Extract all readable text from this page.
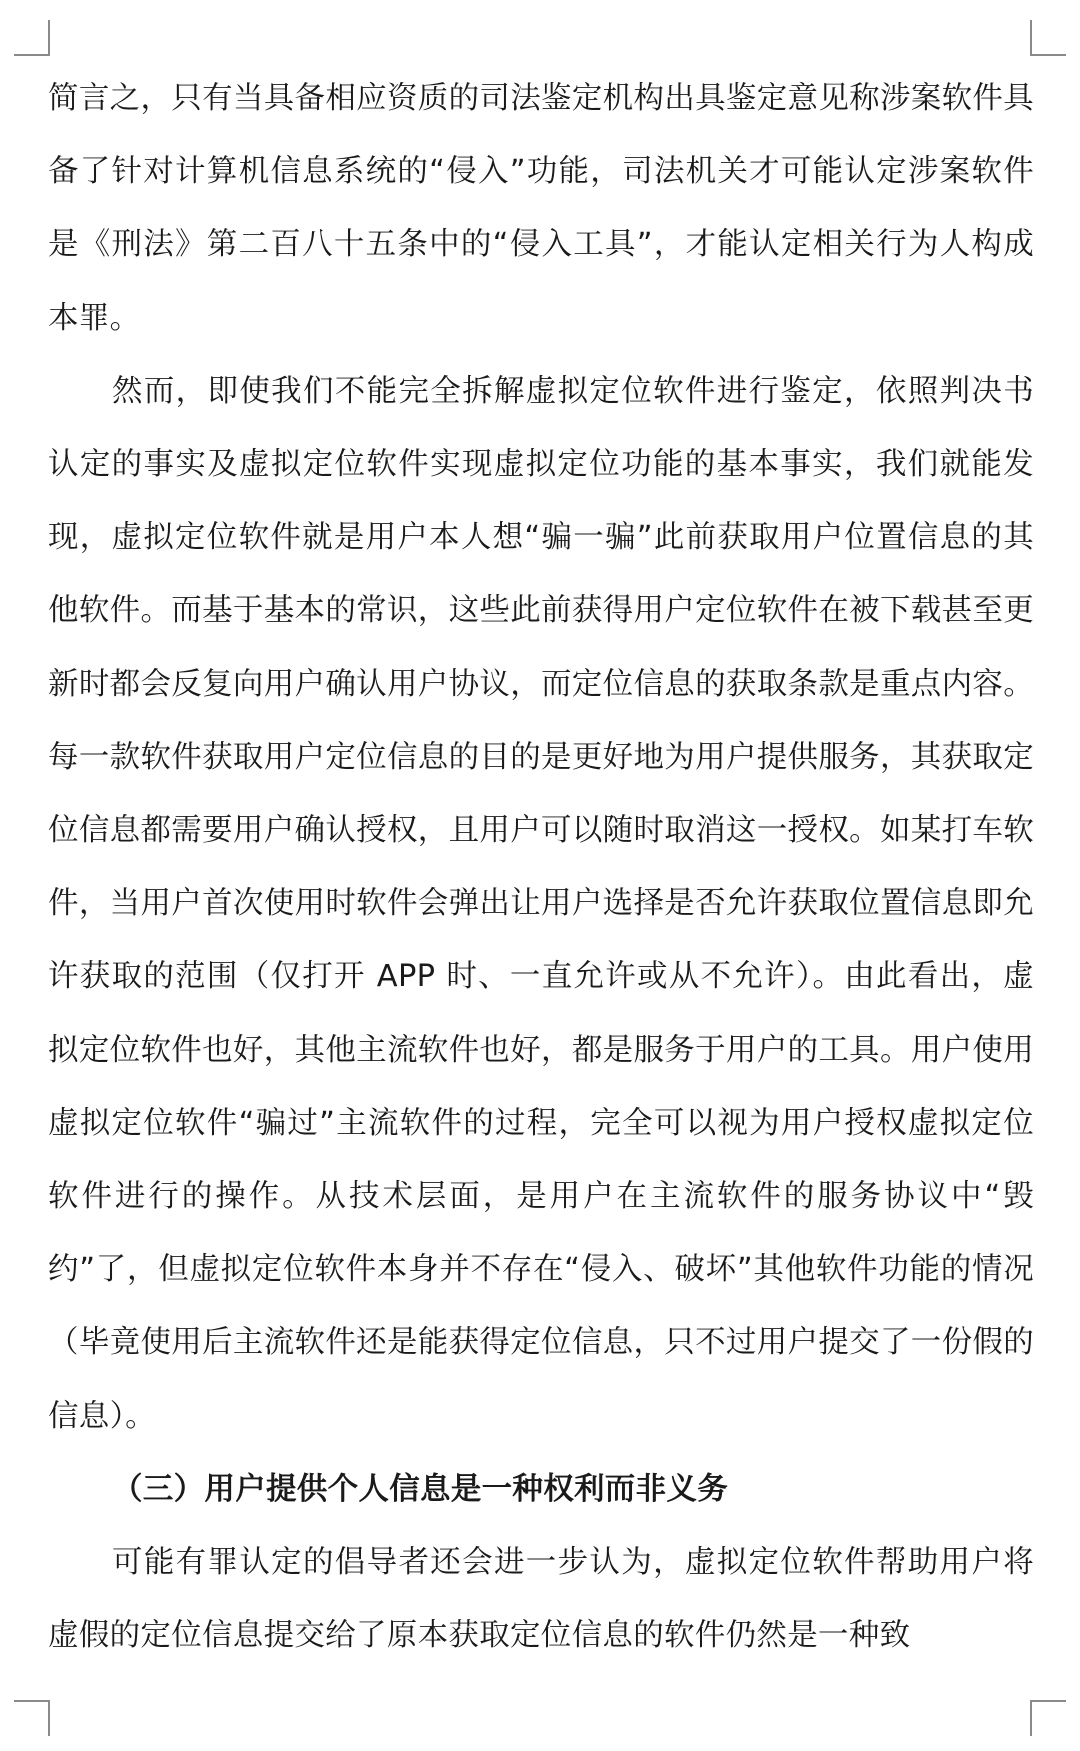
简言之，只有当具备相应资质的司法鉴定机构出具鉴定意见称涉案软件具备了针对计算机信息系统的“侵入”功能，司法机关才可能认定涉案软件是《刑法》第二百八十五条中的“侵入工具”，才能认定相关行为人构成本罪。

然而，即使我们不能完全拆解虚拟定位软件进行鉴定，依照判决书认定的事实及虚拟定位软件实现虚拟定位功能的基本事实，我们就能发现，虚拟定位软件就是用户本人想“骗一骗”此前获取用户位置信息的其他软件。而基于基本的常识，这些此前获得用户定位软件在被下载甚至更新时都会反复向用户确认用户协议，而定位信息的获取条款是重点内容。每一款软件获取用户定位信息的目的是更好地为用户提供服务，其获取定位信息都需要用户确认授权，且用户可以随时取消这一授权。如某打车软件，当用户首次使用时软件会弹出让用户选择是否允许获取位置信息即允许获取的范围（仅打开 APP 时、一直允许或从不允许）。由此看出，虚拟定位软件也好，其他主流软件也好，都是服务于用户的工具。用户使用虚拟定位软件“骗过”主流软件的过程，完全可以视为用户授权虚拟定位软件进行的操作。从技术层面，是用户在主流软件的服务协议中“毁约”了，但虚拟定位软件本身并不存在“侵入、破坏”其他软件功能的情况（毕竟使用后主流软件还是能获得定位信息，只不过用户提交了一份假的信息）。

（三）用户提供个人信息是一种权利而非义务

可能有罪认定的倡导者还会进一步认为，虚拟定位软件帮助用户将虚假的定位信息提交给了原本获取定位信息的软件仍然是一种致
